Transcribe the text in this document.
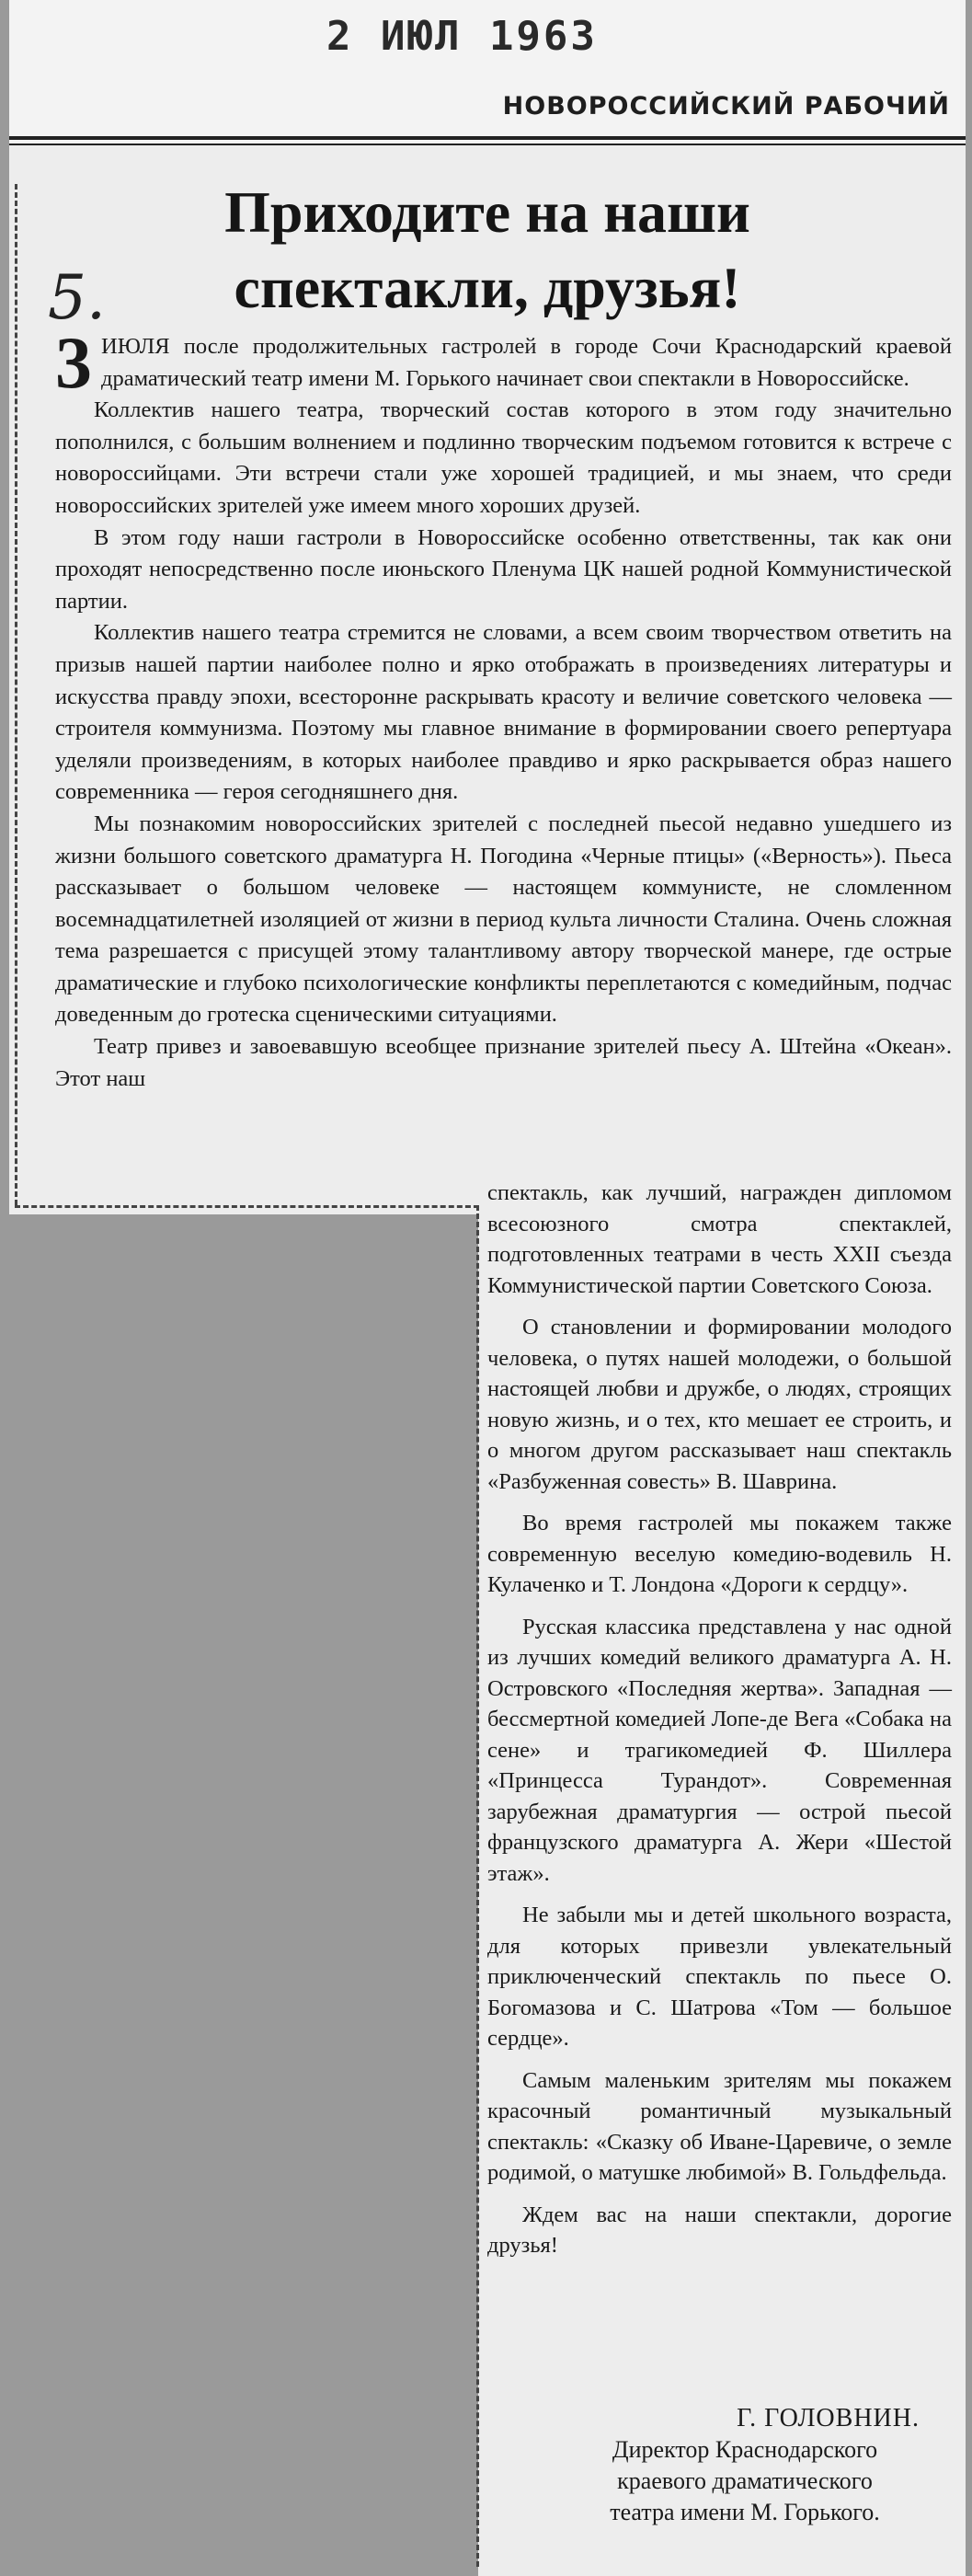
2 ИЮЛ 1963
НОВОРОССИЙСКИЙ РАБОЧИЙ
5.
Приходите на наши
спектакли, друзья!

3 ИЮЛЯ после продолжительных гастролей в городе Сочи Краснодарский краевой драматический театр имени М. Горького начинает свои спектакли в Новороссийске.

Коллектив нашего театра, творческий состав которого в этом году значительно пополнился, с большим волнением и подлинно творческим подъемом готовится к встрече с новороссийцами. Эти встречи стали уже хорошей традицией, и мы знаем, что среди новороссийских зрителей уже имеем много хороших друзей.

В этом году наши гастроли в Новороссийске особенно ответственны, так как они проходят непосредственно после июньского Пленума ЦК нашей родной Коммунистической партии.

Коллектив нашего театра стремится не словами, а всем своим творчеством ответить на призыв нашей партии наиболее полно и ярко отображать в произведениях литературы и искусства правду эпохи, всесторонне раскрывать красоту и величие советского человека — строителя коммунизма. Поэтому мы главное внимание в формировании своего репертуара уделяли произведениям, в которых наиболее правдиво и ярко раскрывается образ нашего современника — героя сегодняшнего дня.

Мы познакомим новороссийских зрителей с последней пьесой недавно ушедшего из жизни большого советского драматурга Н. Погодина «Черные птицы» («Верность»). Пьеса рассказывает о большом человеке — настоящем коммунисте, не сломленном восемнадцатилетней изоляцией от жизни в период культа личности Сталина. Очень сложная тема разрешается с присущей этому талантливому автору творческой манере, где острые драматические и глубоко психологические конфликты переплетаются с комедийным, подчас доведенным до гротеска сценическими ситуациями.

Театр привез и завоевавшую всеобщее признание зрителей пьесу А. Штейна «Океан». Этот наш

спектакль, как лучший, награжден дипломом всесоюзного смотра спектаклей, подготовленных театрами в честь XXII съезда Коммунистической партии Советского Союза.

О становлении и формировании молодого человека, о путях нашей молодежи, о большой настоящей любви и дружбе, о людях, строящих новую жизнь, и о тех, кто мешает ее строить, и о многом другом рассказывает наш спектакль «Разбуженная совесть» В. Шаврина.

Во время гастролей мы покажем также современную веселую комедию-водевиль Н. Кулаченко и Т. Лондона «Дороги к сердцу».

Русская классика представлена у нас одной из лучших комедий великого драматурга А. Н. Островского «Последняя жертва». Западная — бессмертной комедией Лопе-де Вега «Собака на сене» и трагикомедией Ф. Шиллера «Принцесса Турандот». Современная зарубежная драматургия — острой пьесой французского драматурга А. Жери «Шестой этаж».

Не забыли мы и детей школьного возраста, для которых привезли увлекательный приключенческий спектакль по пьесе О. Богомазова и С. Шатрова «Том — большое сердце».

Самым маленьким зрителям мы покажем красочный романтичный музыкальный спектакль: «Сказку об Иване-Царевиче, о земле родимой, о матушке любимой» В. Гольдфельда.

Ждем вас на наши спектакли, дорогие друзья!

Г. ГОЛОВНИН.
Директор Краснодарского
краевого драматического
театра имени М. Горького.
